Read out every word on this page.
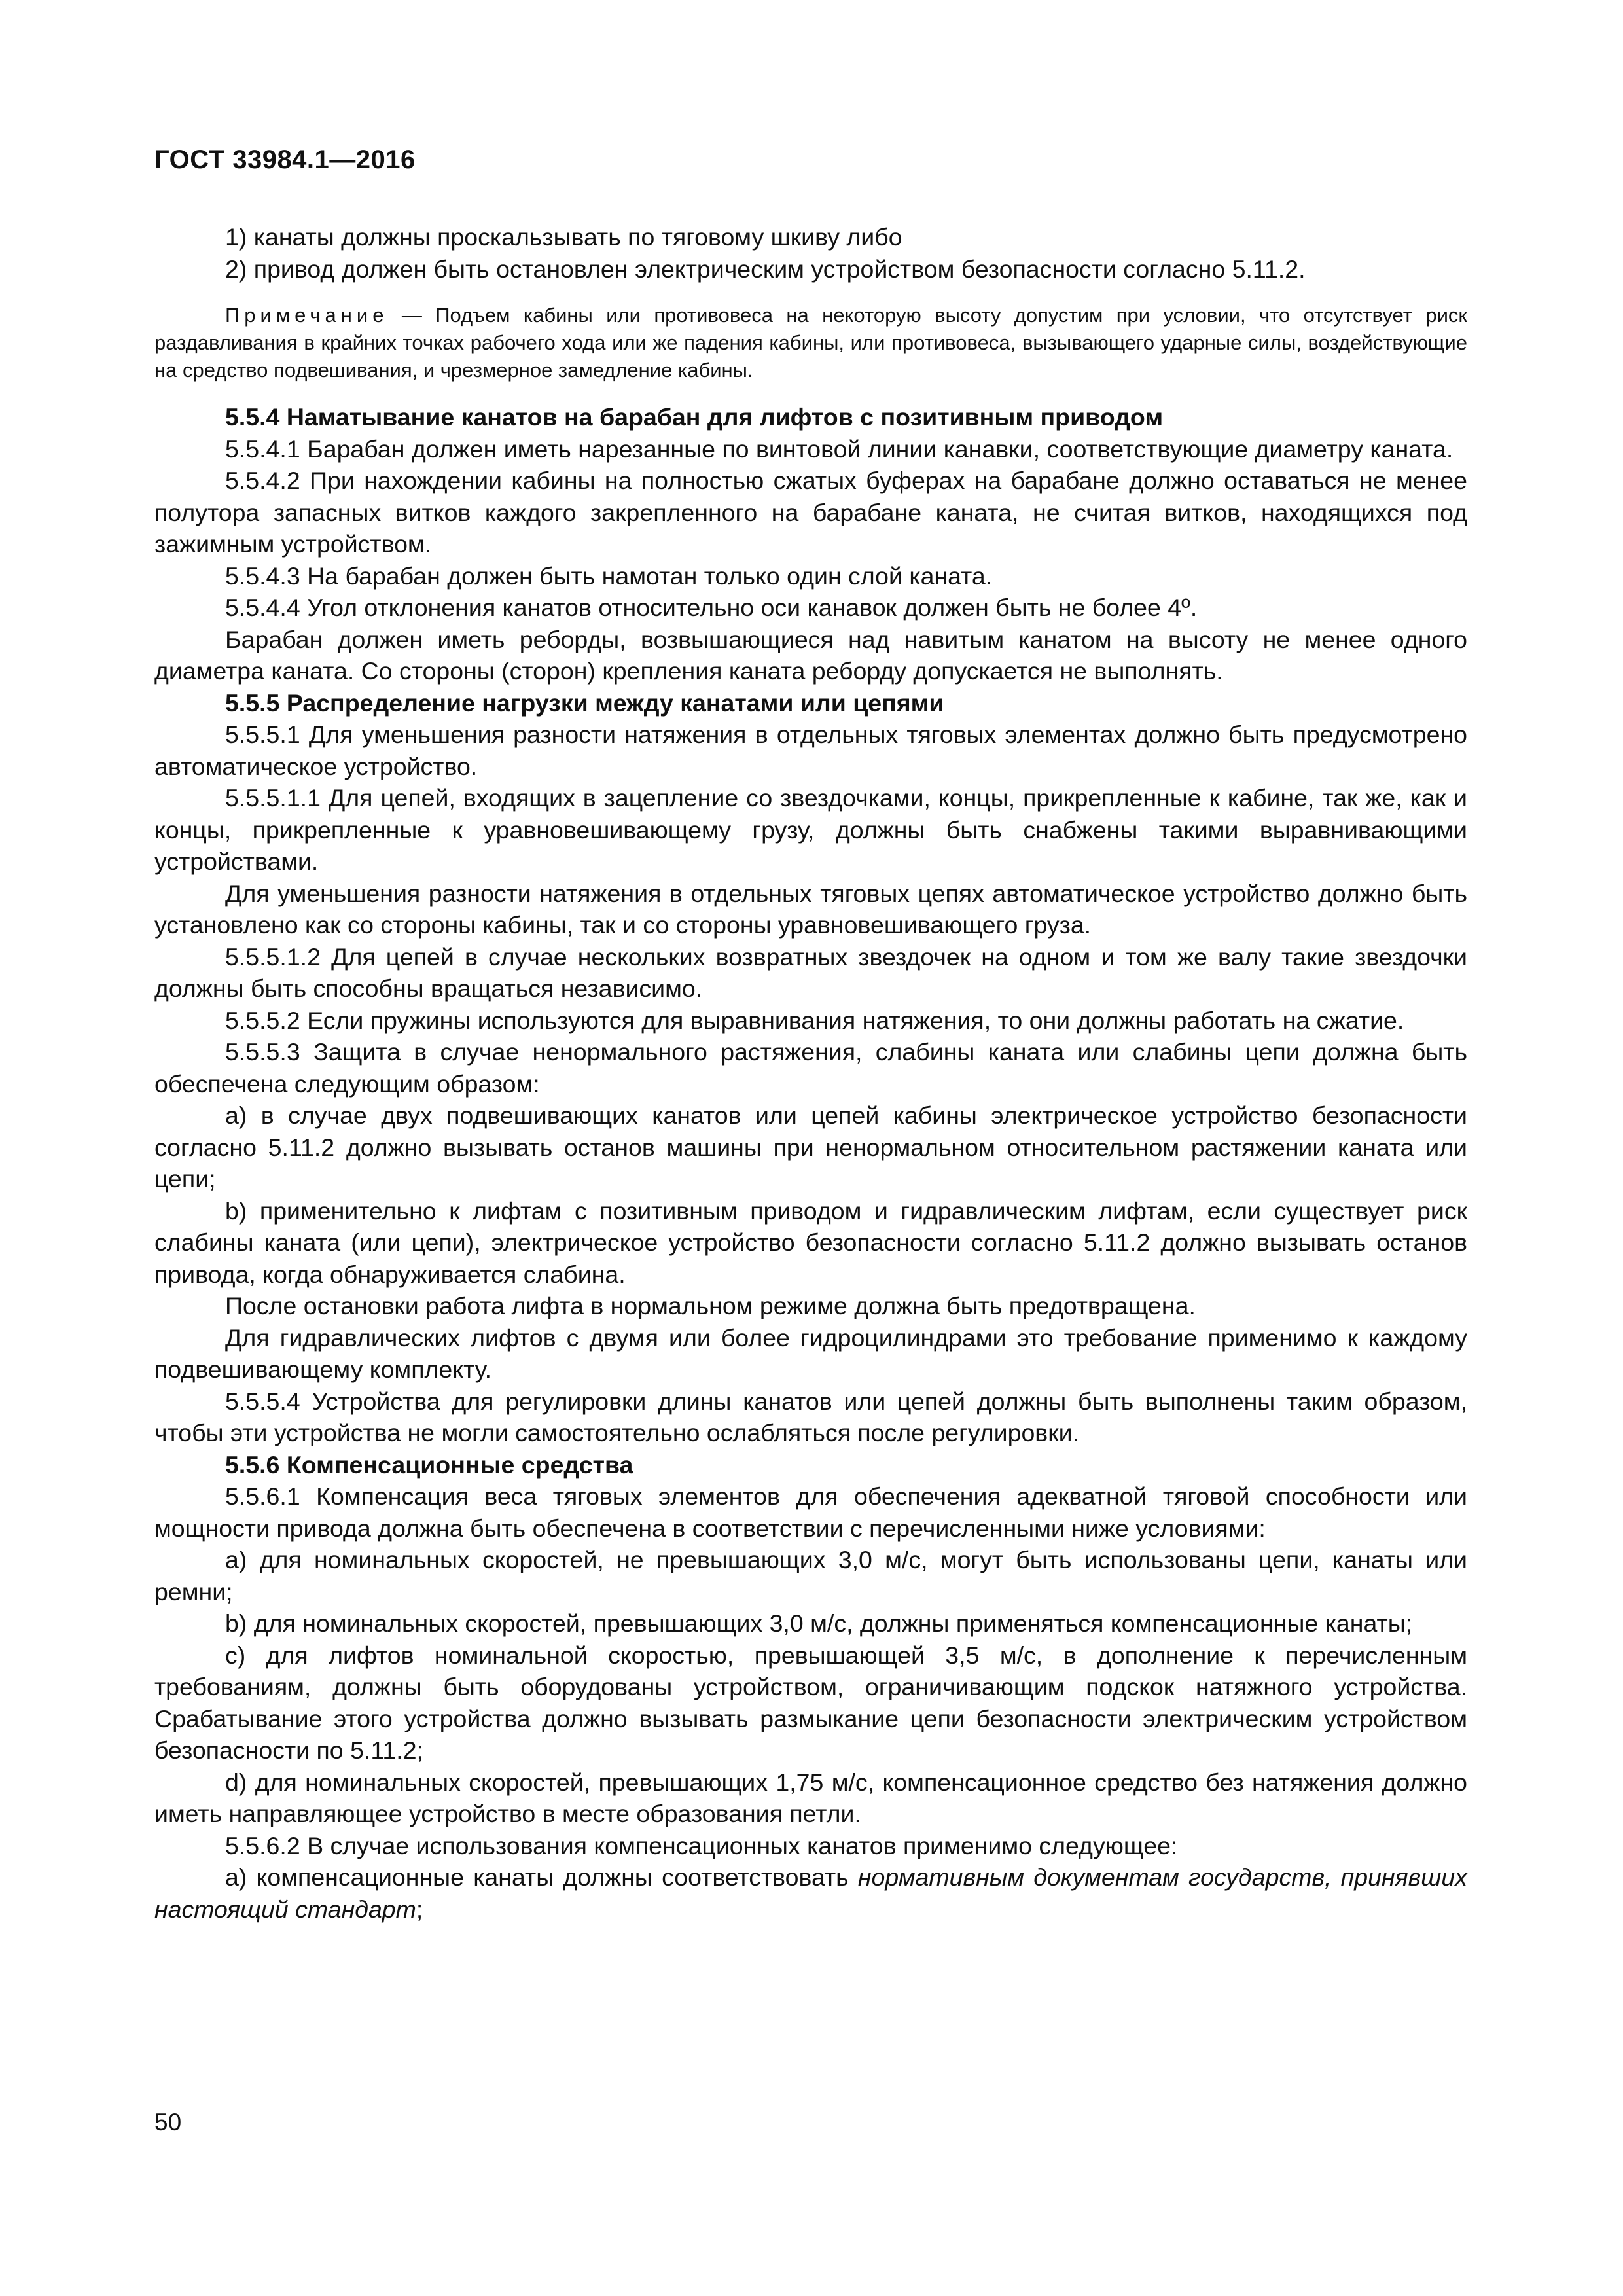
ГОСТ 33984.1—2016

1) канаты должны проскальзывать по тяговому шкиву либо

2) привод должен быть остановлен электрическим устройством безопасности согласно 5.11.2.

Примечание — Подъем кабины или противовеса на некоторую высоту допустим при условии, что отсутствует риск раздавливания в крайних точках рабочего хода или же падения кабины, или противовеса, вызывающего ударные силы, воздействующие на средство подвешивания, и чрезмерное замедление кабины.

5.5.4 Наматывание канатов на барабан для лифтов с позитивным приводом

5.5.4.1 Барабан должен иметь нарезанные по винтовой линии канавки, соответствующие диаметру каната.

5.5.4.2 При нахождении кабины на полностью сжатых буферах на барабане должно оставаться не менее полутора запасных витков каждого закрепленного на барабане каната, не считая витков, находящихся под зажимным устройством.

5.5.4.3 На барабан должен быть намотан только один слой каната.

5.5.4.4 Угол отклонения канатов относительно оси канавок должен быть не более 4º.

Барабан должен иметь реборды, возвышающиеся над навитым канатом на высоту не менее одного диаметра каната. Со стороны (сторон) крепления каната реборду допускается не выполнять.

5.5.5 Распределение нагрузки между канатами или цепями

5.5.5.1 Для уменьшения разности натяжения в отдельных тяговых элементах должно быть предусмотрено автоматическое устройство.

5.5.5.1.1 Для цепей, входящих в зацепление со звездочками, концы, прикрепленные к кабине, так же, как и концы, прикрепленные к уравновешивающему грузу, должны быть снабжены такими выравнивающими устройствами.

Для уменьшения разности натяжения в отдельных тяговых цепях автоматическое устройство должно быть установлено как со стороны кабины, так и со стороны уравновешивающего груза.

5.5.5.1.2 Для цепей в случае нескольких возвратных звездочек на одном и том же валу такие звездочки должны быть способны вращаться независимо.

5.5.5.2 Если пружины используются для выравнивания натяжения, то они должны работать на сжатие.

5.5.5.3 Защита в случае ненормального растяжения, слабины каната или слабины цепи должна быть обеспечена следующим образом:

a) в случае двух подвешивающих канатов или цепей кабины электрическое устройство безопасности согласно 5.11.2 должно вызывать останов машины при ненормальном относительном растяжении каната или цепи;

b) применительно к лифтам с позитивным приводом и гидравлическим лифтам, если существует риск слабины каната (или цепи), электрическое устройство безопасности согласно 5.11.2 должно вызывать останов привода, когда обнаруживается слабина.

После остановки работа лифта в нормальном режиме должна быть предотвращена.

Для гидравлических лифтов с двумя или более гидроцилиндрами это требование применимо к каждому подвешивающему комплекту.

5.5.5.4 Устройства для регулировки длины канатов или цепей должны быть выполнены таким образом, чтобы эти устройства не могли самостоятельно ослабляться после регулировки.

5.5.6 Компенсационные средства

5.5.6.1 Компенсация веса тяговых элементов для обеспечения адекватной тяговой способности или мощности привода должна быть обеспечена в соответствии с перечисленными ниже условиями:

a) для номинальных скоростей, не превышающих 3,0 м/с, могут быть использованы цепи, канаты или ремни;

b) для номинальных скоростей, превышающих 3,0 м/с, должны применяться компенсационные канаты;

c) для лифтов номинальной скоростью, превышающей 3,5 м/с, в дополнение к перечисленным требованиям, должны быть оборудованы устройством, ограничивающим подскок натяжного устройства. Срабатывание этого устройства должно вызывать размыкание цепи безопасности электрическим устройством безопасности по 5.11.2;

d) для номинальных скоростей, превышающих 1,75 м/с, компенсационное средство без натяжения должно иметь направляющее устройство в месте образования петли.

5.5.6.2 В случае использования компенсационных канатов применимо следующее:

a) компенсационные канаты должны соответствовать нормативным документам государств, принявших настоящий стандарт;

50
